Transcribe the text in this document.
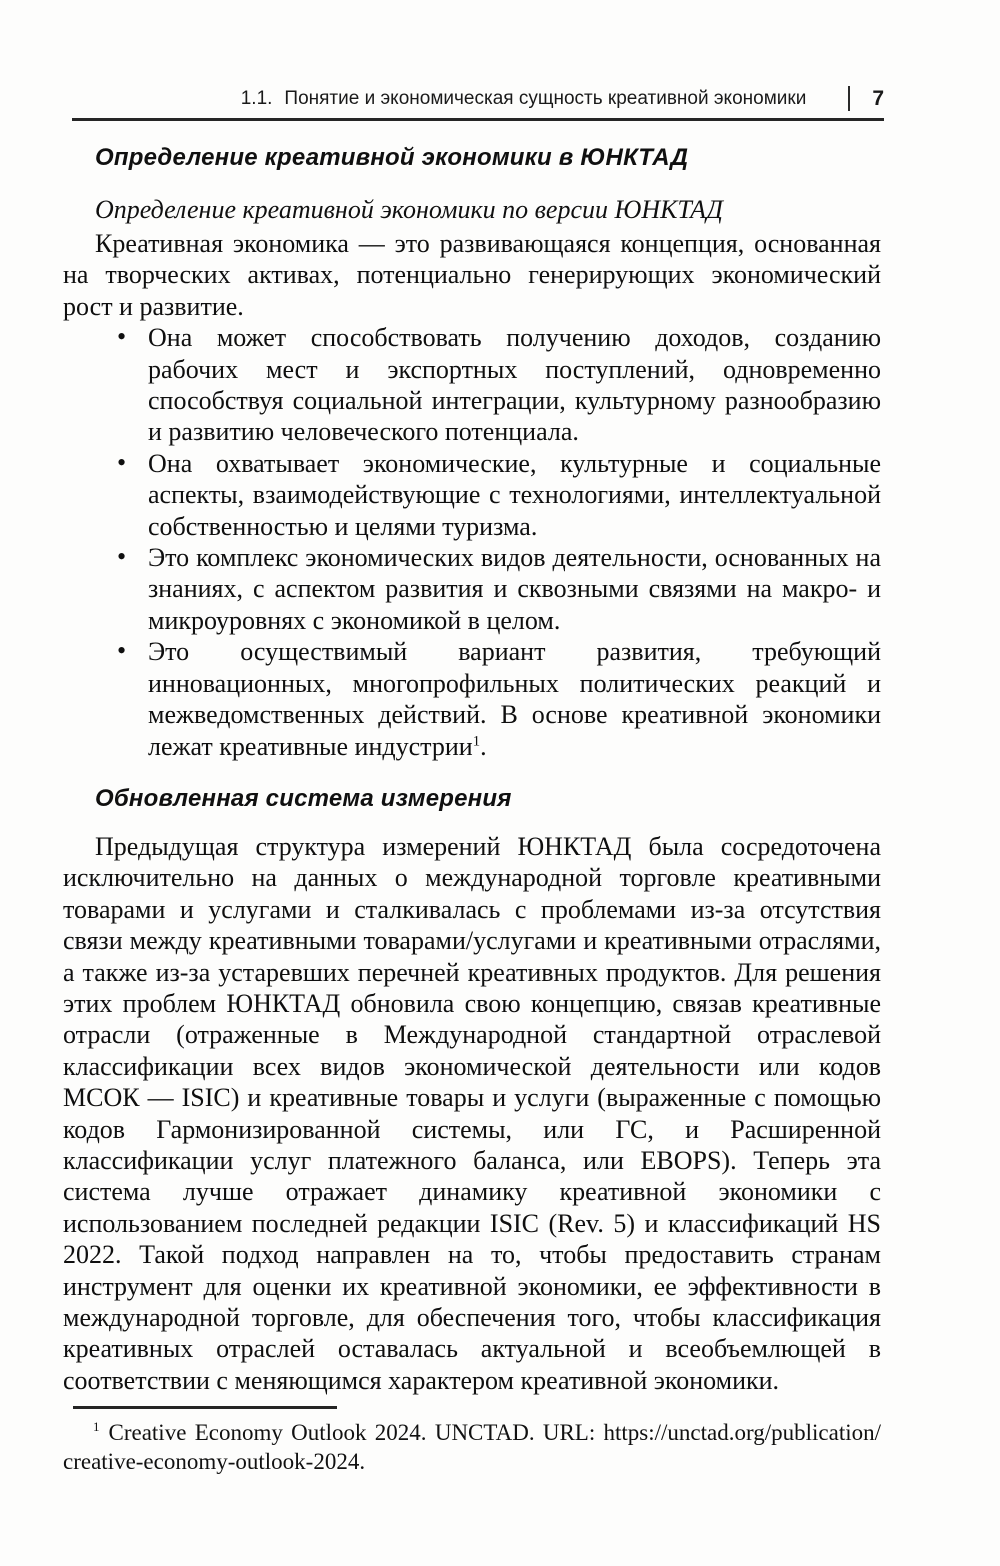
1.1. Понятие и экономическая сущность креативной экономики	7
Определение креативной экономики в ЮНКТАД

Определение креативной экономики по версии ЮНКТАД

Креативная экономика — это развивающаяся концепция, основанная на творческих активах, потенциально генерирующих экономический рост и развитие.

• Она может способствовать получению доходов, созданию рабочих мест и экспортных поступлений, одновременно способствуя социальной интеграции, культурному разнообразию и развитию человеческого потенциала.
• Она охватывает экономические, культурные и социальные аспекты, взаимодействующие с технологиями, интеллектуальной собственностью и целями туризма.
• Это комплекс экономических видов деятельности, основанных на знаниях, с аспектом развития и сквозными связями на макро- и микроуровнях с экономикой в целом.
• Это осуществимый вариант развития, требующий инновационных, многопрофильных политических реакций и межведомственных действий. В основе креативной экономики лежат креативные индустрии$^1$.
Обновленная система измерения

Предыдущая структура измерений ЮНКТАД была сосредоточена исключительно на данных о международной торговле креативными товарами и услугами и сталкивалась с проблемами из-за отсутствия связи между креативными товарами/услугами и креативными отраслями, а также из-за устаревших перечней креативных продуктов. Для решения этих проблем ЮНКТАД обновила свою концепцию, связав креативные отрасли (отраженные в Международной стандартной отраслевой классификации всех видов экономической деятельности или кодов МСОК — ISIC) и креативные товары и услуги (выраженные с помощью кодов Гармонизированной системы, или ГС, и Расширенной классификации услуг платежного баланса, или EBOPS). Теперь эта система лучше отражает динамику креативной экономики с использованием последней редакции ISIC (Rev. 5) и классификаций HS 2022. Такой подход направлен на то, чтобы предоставить странам инструмент для оценки их креативной экономики, ее эффективности в международной торговле, для обеспечения того, чтобы классификация креативных отраслей оставалась актуальной и всеобъемлющей в соответствии с меняющимся характером креативной экономики.

$^1$ Creative Economy Outlook 2024. UNCTAD. URL: https://unctad.org/publication/creative-economy-outlook-2024.
